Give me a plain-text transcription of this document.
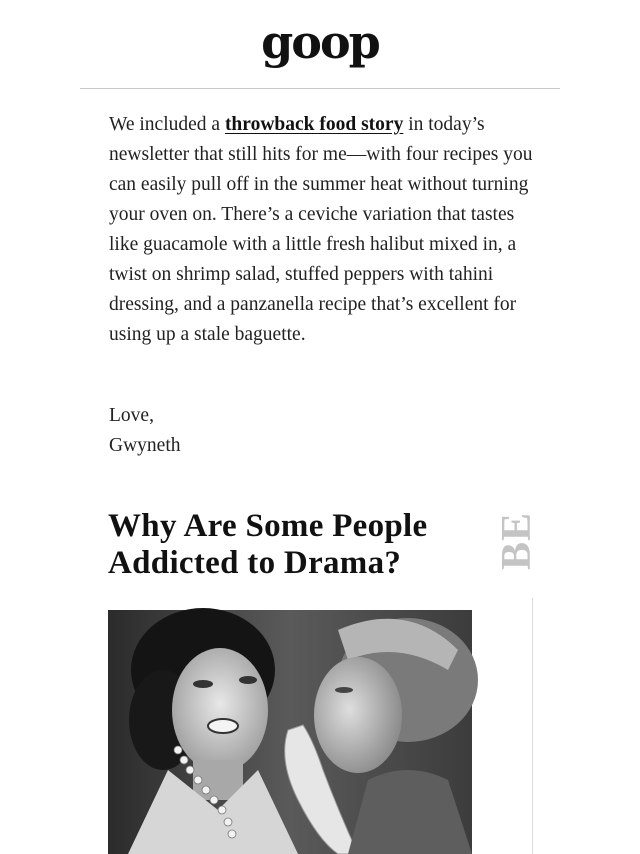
goop

We included a throwback food story in today’s newsletter that still hits for me—with four recipes you can easily pull off in the summer heat without turning your oven on. There’s a ceviche variation that tastes like guacamole with a little fresh halibut mixed in, a twist on shrimp salad, stuffed peppers with tahini dressing, and a panzanella recipe that’s excellent for using up a stale baguette.

Love,
Gwyneth
Why Are Some People Addicted to Drama?	BE
